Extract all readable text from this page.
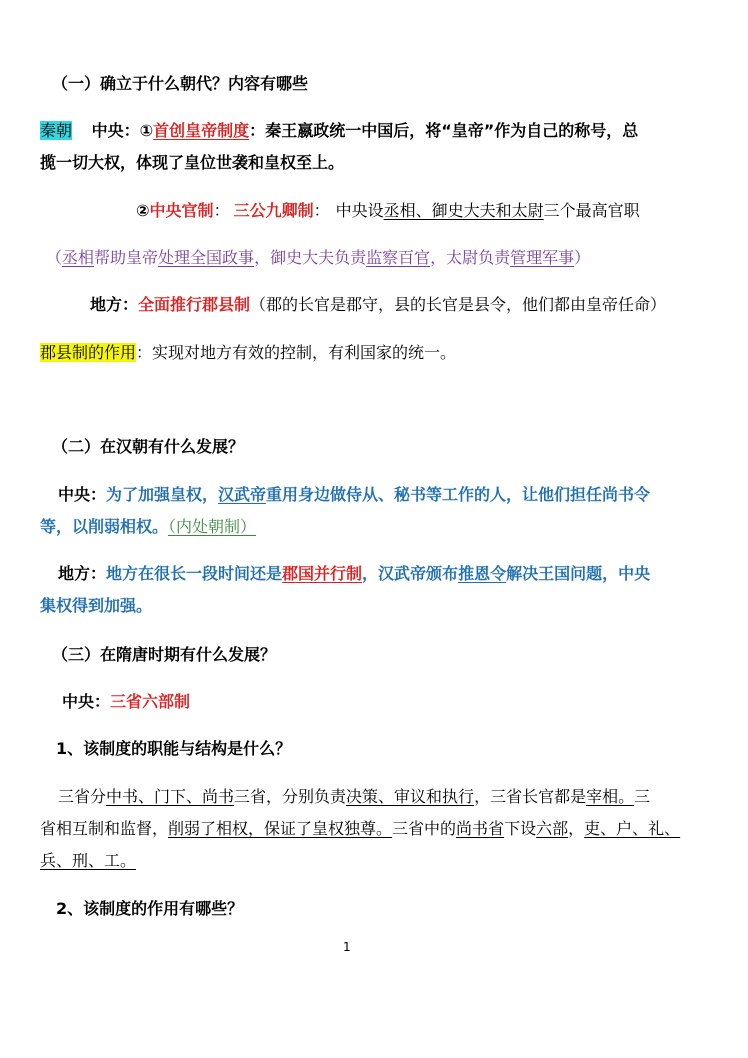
（一）确立于什么朝代？内容有哪些
秦朝 中央：①首创皇帝制度：秦王嬴政统一中国后，将“皇帝”作为自己的称号，总
揽一切大权，体现了皇位世袭和皇权至上。
②中央官制： 三公九卿制： 中央设丞相、御史大夫和太尉三个最高官职
（丞相帮助皇帝处理全国政事，御史大夫负责监察百官，太尉负责管理军事）
地方：全面推行郡县制（郡的长官是郡守，县的长官是县令，他们都由皇帝任命）
郡县制的作用：实现对地方有效的控制，有利国家的统一。
（二）在汉朝有什么发展？
中央：为了加强皇权，汉武帝重用身边做侍从、秘书等工作的人，让他们担任尚书令
等，以削弱相权。（内处朝制）
地方：地方在很长一段时间还是郡国并行制，汉武帝颁布推恩令解决王国问题，中央
集权得到加强。
（三）在隋唐时期有什么发展？
中央：三省六部制
1、该制度的职能与结构是什么？
三省分中书、门下、尚书三省，分别负责决策、审议和执行，三省长官都是宰相。三
省相互制和监督，削弱了相权，保证了皇权独尊。三省中的尚书省下设六部，吏、户、礼、
兵、刑、工。
2、该制度的作用有哪些？
1
